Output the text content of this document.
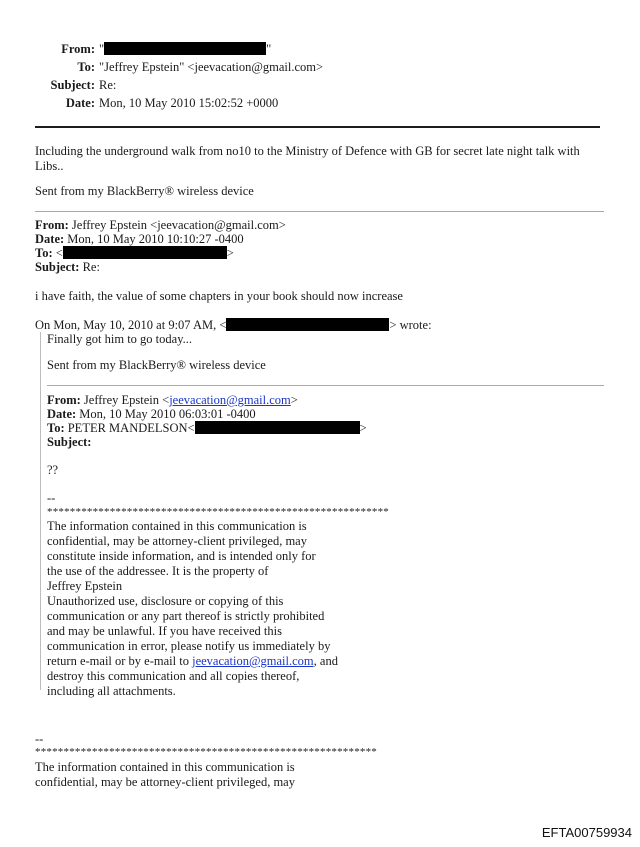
From: "	"
To: "Jeffrey Epstein" <jeevacation@gmail.com>
Subject: Re:
Date: Mon, 10 May 2010 15:02:52 +0000
Including the underground walk from no10 to the Ministry of Defence with GB for secret late night talk with
Libs..
Sent from my BlackBerry® wireless device
From: Jeffrey Epstein <jeevacation@gmail.com>
Date: Mon, 10 May 2010 10:10:27 -0400
To: <	>
Subject: Re:
i have faith, the value of some chapters in your book should now increase
On Mon, May 10, 2010 at 9:07 AM, <	> wrote:
Finally got him to go today...
Sent from my BlackBerry® wireless device
From: Jeffrey Epstein <jeevacation@gmail.com>
Date: Mon, 10 May 2010 06:03:01 -0400
To: PETER MANDELSON<	>
Subject:
??
--
************************************************************
The information contained in this communication is
confidential, may be attorney-client privileged, may
constitute inside information, and is intended only for
the use of the addressee. It is the property of
Jeffrey Epstein
Unauthorized use, disclosure or copying of this
communication or any part thereof is strictly prohibited
and may be unlawful. If you have received this
communication in error, please notify us immediately by
return e-mail or by e-mail to jeevacation@gmail.com, and
destroy this communication and all copies thereof,
including all attachments.
--
************************************************************
The information contained in this communication is
confidential, may be attorney-client privileged, may
EFTA00759934
